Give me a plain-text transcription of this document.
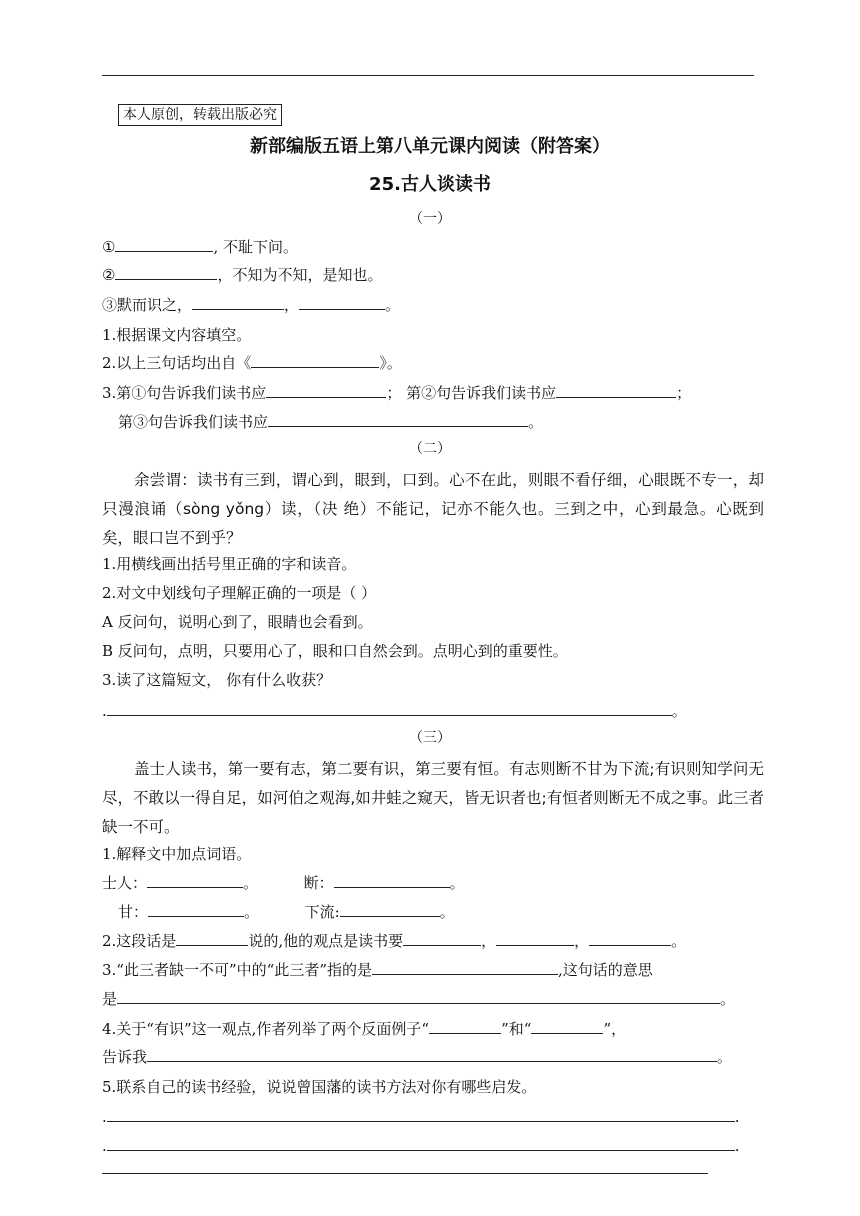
本人原创，转载出版必究
新部编版五语上第八单元课内阅读（附答案）
25.古人谈读书
（一）
①	, 不耻下问。
②	，不知为不知，是知也。
③默而识之，	，	。
1.根据课文内容填空。
2.以上三句话均出自《	》。
3.第①句告诉我们读书应	； 第②句告诉我们读书应	；
第③句告诉我们读书应	。
（二）
余尝谓：读书有三到，谓心到，眼到，口到。心不在此，则眼不看仔细，心眼既不专一，却只漫浪诵（sòng yǒng）读，（决 绝）不能记，记亦不能久也。三到之中，心到最急。心既到矣，眼口岂不到乎？
1.用横线画出括号里正确的字和读音。
2.对文中划线句子理解正确的一项是（ ）
A 反问句，说明心到了，眼睛也会看到。
B 反问句，点明，只要用心了，眼和口自然会到。点明心到的重要性。
3.读了这篇短文， 你有什么收获？
.	。
（三）
盖士人读书，第一要有志，第二要有识，第三要有恒。有志则断不甘为下流;有识则知学问无尽，不敢以一得自足，如河伯之观海,如井蛙之窥天，皆无识者也;有恒者则断无不成之事。此三者缺一不可。
1.解释文中加点词语。
士人：	。	断：	。
甘：	。	下流:	。
2.这段话是	说的,他的观点是读书要	，	，	。
3.“此三者缺一不可”中的“此三者”指的是	,这句话的意思
是	。
4.关于“有识”这一观点,作者列举了两个反面例子“	”和“	”，
告诉我	。
5.联系自己的读书经验，说说曾国藩的读书方法对你有哪些启发。
.	.
.	.
